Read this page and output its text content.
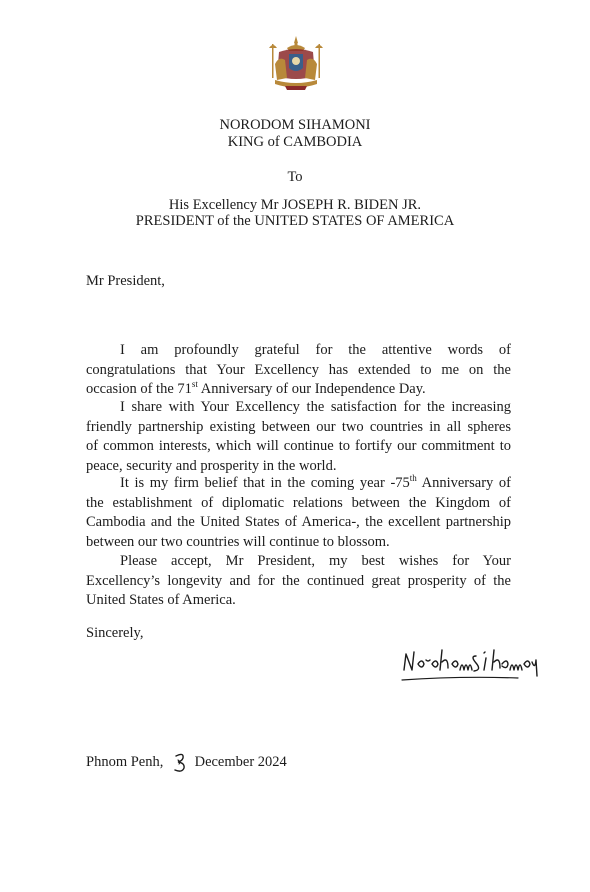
NORODOM SIHAMONI
KING of CAMBODIA
To
His Excellency Mr JOSEPH R. BIDEN JR.
PRESIDENT of the UNITED STATES OF AMERICA
Mr President,
I am profoundly grateful for the attentive words of
congratulations that Your Excellency has extended to me on the
occasion of the 71st Anniversary of our Independence Day.
I share with Your Excellency the satisfaction for the increasing
friendly partnership existing between our two countries in all spheres
of common interests, which will continue to fortify our commitment to
peace, security and prosperity in the world.
It is my firm belief that in the coming year -75th Anniversary of
the establishment of diplomatic relations between the Kingdom of
Cambodia and the United States of America-, the excellent partnership
between our two countries will continue to blossom.
Please accept, Mr President, my best wishes for Your
Excellency’s longevity and for the continued great prosperity of the
United States of America.
Sincerely,
Phnom Penh, December 2024
